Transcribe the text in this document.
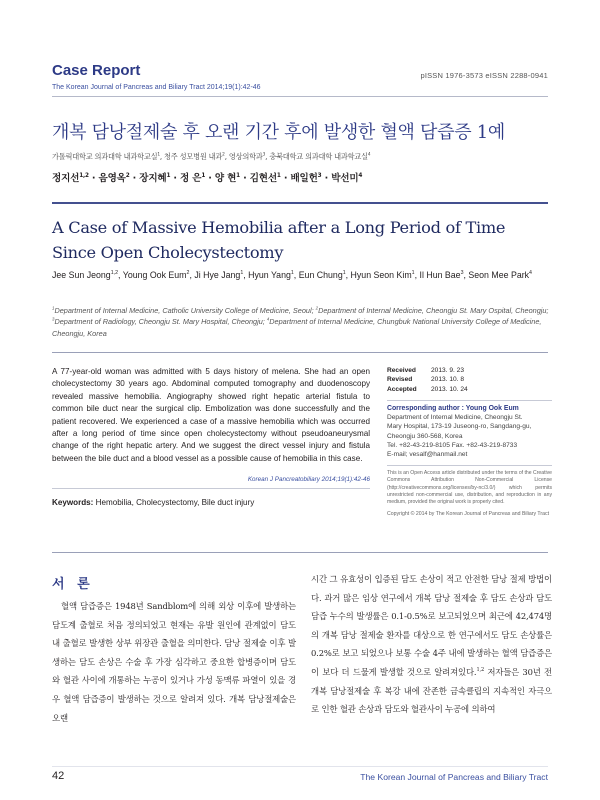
Case Report
The Korean Journal of Pancreas and Biliary Tract 2014;19(1):42-46
pISSN 1976-3573 eISSN 2288-0941
개복 담낭절제술 후 오랜 기간 후에 발생한 혈액 담즙증 1예
가톨릭대학교 의과대학 내과학교실$^1$, 청주 성모병원 내과$^2$, 영상의학과$^3$, 충북대학교 의과대학 내과학교실$^4$
정지선$^{1,2}$ · 음영옥$^2$ · 장지혜$^1$ · 정 은$^1$ · 양 현$^1$ · 김현선$^1$ · 배일헌$^3$ · 박선미$^4$
A Case of Massive Hemobilia after a Long Period of Time Since Open Cholecystectomy
Jee Sun Jeong$^{1,2}$, Young Ook Eum$^2$, Ji Hye Jang$^1$, Hyun Yang$^1$, Eun Chung$^1$, Hyun Seon Kim$^1$, Il Hun Bae$^3$, Seon Mee Park$^4$
$^1$Department of Internal Medicine, Catholic University College of Medicine, Seoul; $^2$Department of Internal Medicine, Cheongju St. Mary Ospital, Cheongju; $^3$Department of Radiology, Cheongju St. Mary Hospital, Cheongju; $^4$Department of Internal Medicine, Chungbuk National University College of Medicine, Cheongju, Korea
A 77-year-old woman was admitted with 5 days history of melena. She had an open cholecystectomy 30 years ago. Abdominal computed tomography and duodenoscopy revealed massive hemobilia. Angiography showed right hepatic arterial fistula to common bile duct near the surgical clip. Embolization was done successfully and the patient recovered. We experienced a case of a massive hemobilia which was occurred after a long period of time since open cholecystectomy without pseudoaneurysmal change of the right hepatic artery. And we suggest the direct vessel injury and fistula between the bile duct and a blood vessel as a possible cause of hemobilia in this case.
Korean J Pancreatobiliary 2014;19(1):42-46
Keywords: Hemobilia, Cholecystectomy, Bile duct injury
Received	2013. 9. 23
Revised	2013. 10. 8
Accepted	2013. 10. 24
Corresponding author : Young Ook Eum
Department of Internal Medicine, Cheongju St.
Mary Hospital, 173-19 Juseong-ro, Sangdang-gu,
Cheongju 360-568, Korea
Tel. +82-43-219-8105 Fax. +82-43-219-8733
E-mail; vesalf@hanmail.net
This is an Open Access article distributed under the terms of the Creative Commons Attribution Non-Commercial License (http://creativecommons.org/licenses/by-nc/3.0/) which permits unrestricted non-commercial use, distribution, and reproduction in any medium, provided the original work is properly cited.
Copyright © 2014 by The Korean Journal of Pancreas and Biliary Tract
서 론
혈액 담즙증은 1948년 Sandblom에 의해 외상 이후에 발생하는 담도계 출혈로 처음 정의되었고 현재는 유발 원인에 관계없이 담도 내 출혈로 발생한 상부 위장관 출혈을 의미한다. 담낭 절제술 이후 발생하는 담도 손상은 수술 후 가장 심각하고 중요한 합병증이며 담도와 혈관 사이에 개통하는 누공이 있거나 가성 동맥류 파열이 있을 경우 혈액 담즙증이 발생하는 것으로 알려져 있다. 개복 담낭절제술은 오랜
시간 그 유효성이 입증된 담도 손상이 적고 안전한 담낭 절제 방법이다. 과거 많은 임상 연구에서 개복 담낭 절제술 후 담도 손상과 담도 담즙 누수의 발생률은 0.1-0.5%로 보고되었으며 최근에 42,474명의 개복 담낭 절제술 환자를 대상으로 한 연구에서도 담도 손상률은 0.2%로 보고 되었으나 보통 수술 4주 내에 발생하는 혈액 담즙증은 이 보다 더 드물게 발생할 것으로 알려져있다.$^{1,2}$ 저자들은 30년 전 개복 담낭절제술 후 복강 내에 잔존한 금속클립의 지속적인 자극으로 인한 혈관 손상과 담도와 혈관사이 누공에 의하여
42	The Korean Journal of Pancreas and Biliary Tract
